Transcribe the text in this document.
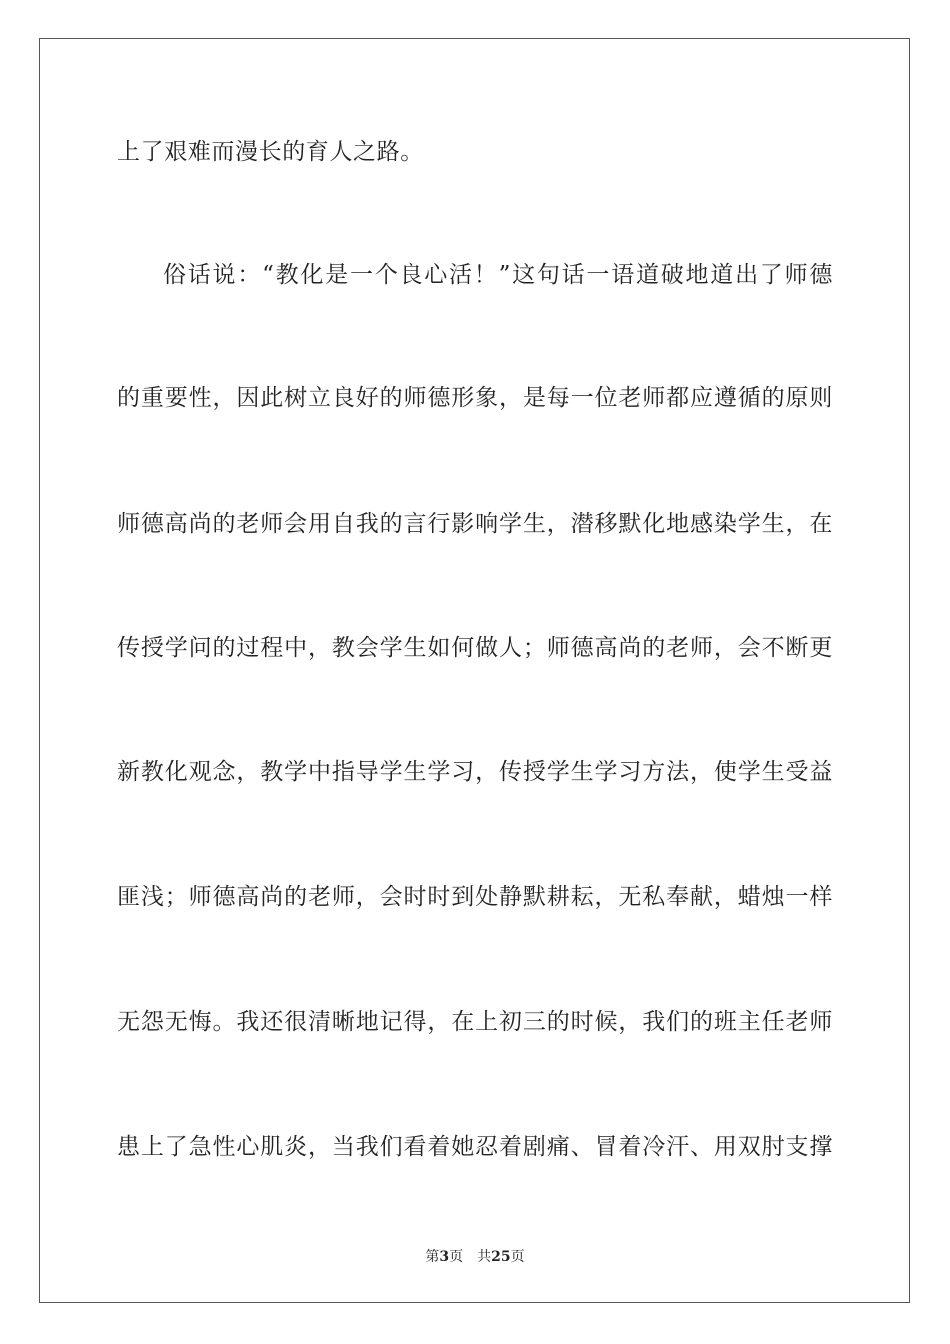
上了艰难而漫长的育人之路。
俗话说：“教化是一个良心活！”这句话一语道破地道出了师德
的重要性，因此树立良好的师德形象，是每一位老师都应遵循的原则
师德高尚的老师会用自我的言行影响学生，潜移默化地感染学生，在
传授学问的过程中，教会学生如何做人；师德高尚的老师，会不断更
新教化观念，教学中指导学生学习，传授学生学习方法，使学生受益
匪浅；师德高尚的老师，会时时到处静默耕耘，无私奉献，蜡烛一样
无怨无悔。我还很清晰地记得，在上初三的时候，我们的班主任老师
患上了急性心肌炎，当我们看着她忍着剧痛、冒着冷汗、用双肘支撑
第3页 共25页
